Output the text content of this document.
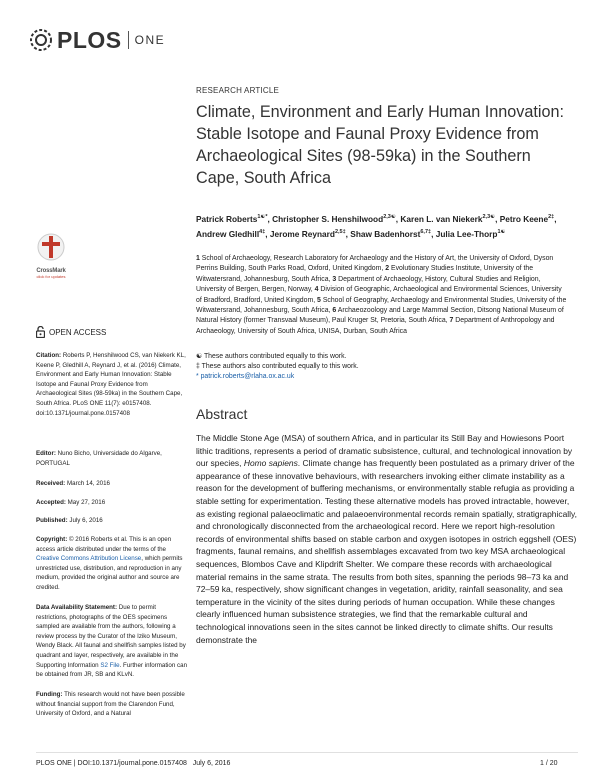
PLOS ONE
RESEARCH ARTICLE
Climate, Environment and Early Human Innovation: Stable Isotope and Faunal Proxy Evidence from Archaeological Sites (98-59ka) in the Southern Cape, South Africa
Patrick Roberts$^{1☯*}$, Christopher S. Henshilwood$^{2,3☯}$, Karen L. van Niekerk$^{2,3☯}$, Petro Keene$^{2\ddagger}$, Andrew Gledhill$^{4\ddagger}$, Jerome Reynard$^{2,5\ddagger}$, Shaw Badenhorst$^{6,7\ddagger}$, Julia Lee-Thorp$^{1☯}$
1 School of Archaeology, Research Laboratory for Archaeology and the History of Art, the University of Oxford, Dyson Perrins Building, South Parks Road, Oxford, United Kingdom, 2 Evolutionary Studies Institute, University of the Witwatersrand, Johannesburg, South Africa, 3 Department of Archaeology, History, Cultural Studies and Religion, University of Bergen, Bergen, Norway, 4 Division of Geographic, Archaeological and Environmental Sciences, University of Bradford, Bradford, United Kingdom, 5 School of Geography, Archaeology and Environmental Studies, University of the Witwatersrand, Johannesburg, South Africa, 6 Archaeozoology and Large Mammal Section, Ditsong National Museum of Natural History (former Transvaal Museum), Paul Kruger St, Pretoria, South Africa, 7 Department of Anthropology and Archaeology, University of South Africa, UNISA, Durban, South Africa
☯ These authors contributed equally to this work.
‡ These authors also contributed equally to this work.
* patrick.roberts@rlaha.ox.ac.uk
CrossMark
click for updates
OPEN ACCESS
Citation: Roberts P, Henshilwood CS, van Niekerk KL, Keene P, Gledhill A, Reynard J, et al. (2016) Climate, Environment and Early Human Innovation: Stable Isotope and Faunal Proxy Evidence from Archaeological Sites (98-59ka) in the Southern Cape, South Africa. PLoS ONE 11(7): e0157408. doi:10.1371/journal.pone.0157408
Editor: Nuno Bicho, Universidade do Algarve, PORTUGAL
Received: March 14, 2016
Accepted: May 27, 2016
Published: July 6, 2016
Copyright: © 2016 Roberts et al. This is an open access article distributed under the terms of the Creative Commons Attribution License, which permits unrestricted use, distribution, and reproduction in any medium, provided the original author and source are credited.
Data Availability Statement: Due to permit restrictions, photographs of the OES specimens sampled are available from the authors, following a review process by the Curator of the Iziko Museum, Wendy Black. All faunal and shellfish samples listed by quadrant and layer, respectively, are available in the Supporting Information S2 File. Further information can be obtained from JR, SB and KLvN.
Funding: This research would not have been possible without financial support from the Clarendon Fund, University of Oxford, and a Natural
Abstract
The Middle Stone Age (MSA) of southern Africa, and in particular its Still Bay and Howiesons Poort lithic traditions, represents a period of dramatic subsistence, cultural, and technological innovation by our species, Homo sapiens. Climate change has frequently been postulated as a primary driver of the appearance of these innovative behaviours, with researchers invoking either climate instability as a reason for the development of buffering mechanisms, or environmentally stable refugia as providing a stable setting for experimentation. Testing these alternative models has proved intractable, however, as existing regional palaeoclimatic and palaeoenvironmental records remain spatially, stratigraphically, and chronologically disconnected from the archaeological record. Here we report high-resolution records of environmental shifts based on stable carbon and oxygen isotopes in ostrich eggshell (OES) fragments, faunal remains, and shellfish assemblages excavated from two key MSA archaeological sequences, Blombos Cave and Klipdrift Shelter. We compare these records with archaeological material remains in the same strata. The results from both sites, spanning the periods 98–73 ka and 72–59 ka, respectively, show significant changes in vegetation, aridity, rainfall seasonality, and sea temperature in the vicinity of the sites during periods of human occupation. While these changes clearly influenced human subsistence strategies, we find that the remarkable cultural and technological innovations seen in the sites cannot be linked directly to climate shifts. Our results demonstrate the
PLOS ONE | DOI:10.1371/journal.pone.0157408   July 6, 2016	1 / 20
